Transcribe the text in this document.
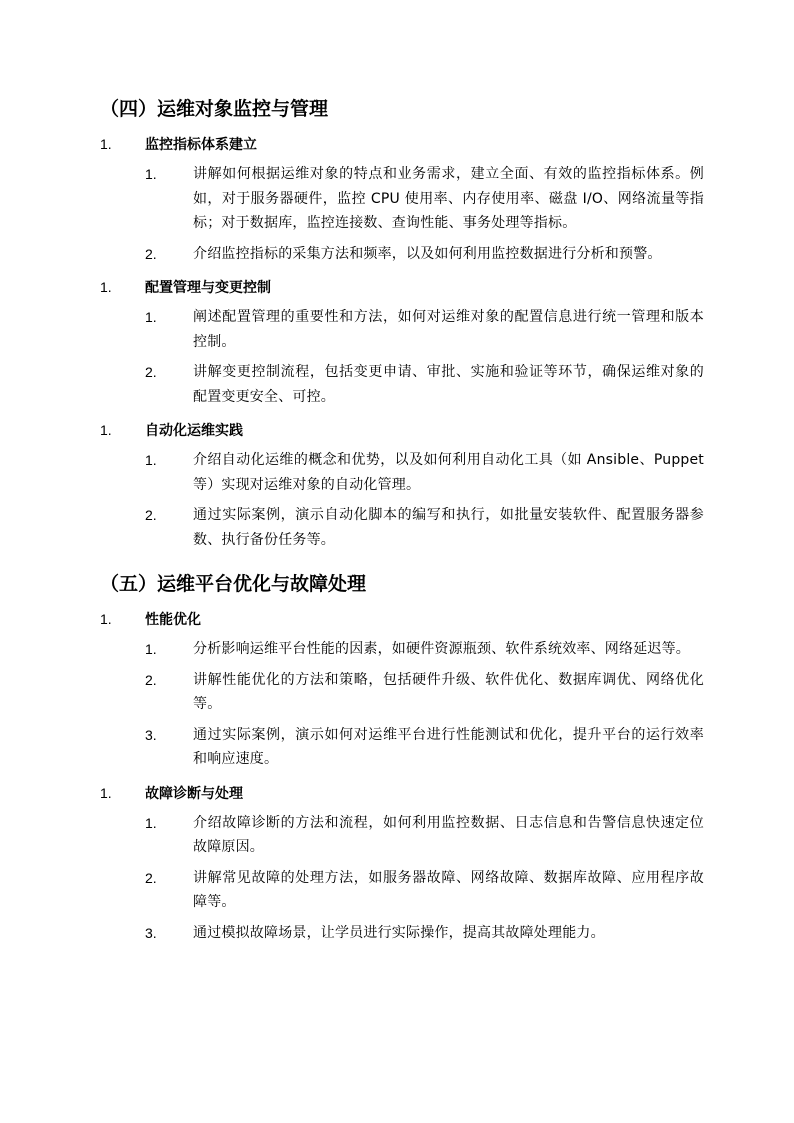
（四）运维对象监控与管理
1.	监控指标体系建立
1.	讲解如何根据运维对象的特点和业务需求，建立全面、有效的监控指标体系。例如，对于服务器硬件，监控 CPU 使用率、内存使用率、磁盘 I/O、网络流量等指标；对于数据库，监控连接数、查询性能、事务处理等指标。
2.	介绍监控指标的采集方法和频率，以及如何利用监控数据进行分析和预警。
1.	配置管理与变更控制
1.	阐述配置管理的重要性和方法，如何对运维对象的配置信息进行统一管理和版本控制。
2.	讲解变更控制流程，包括变更申请、审批、实施和验证等环节，确保运维对象的配置变更安全、可控。
1.	自动化运维实践
1.	介绍自动化运维的概念和优势，以及如何利用自动化工具（如 Ansible、Puppet 等）实现对运维对象的自动化管理。
2.	通过实际案例，演示自动化脚本的编写和执行，如批量安装软件、配置服务器参数、执行备份任务等。
（五）运维平台优化与故障处理
1.	性能优化
1.	分析影响运维平台性能的因素，如硬件资源瓶颈、软件系统效率、网络延迟等。
2.	讲解性能优化的方法和策略，包括硬件升级、软件优化、数据库调优、网络优化等。
3.	通过实际案例，演示如何对运维平台进行性能测试和优化，提升平台的运行效率和响应速度。
1.	故障诊断与处理
1.	介绍故障诊断的方法和流程，如何利用监控数据、日志信息和告警信息快速定位故障原因。
2.	讲解常见故障的处理方法，如服务器故障、网络故障、数据库故障、应用程序故障等。
3.	通过模拟故障场景，让学员进行实际操作，提高其故障处理能力。
